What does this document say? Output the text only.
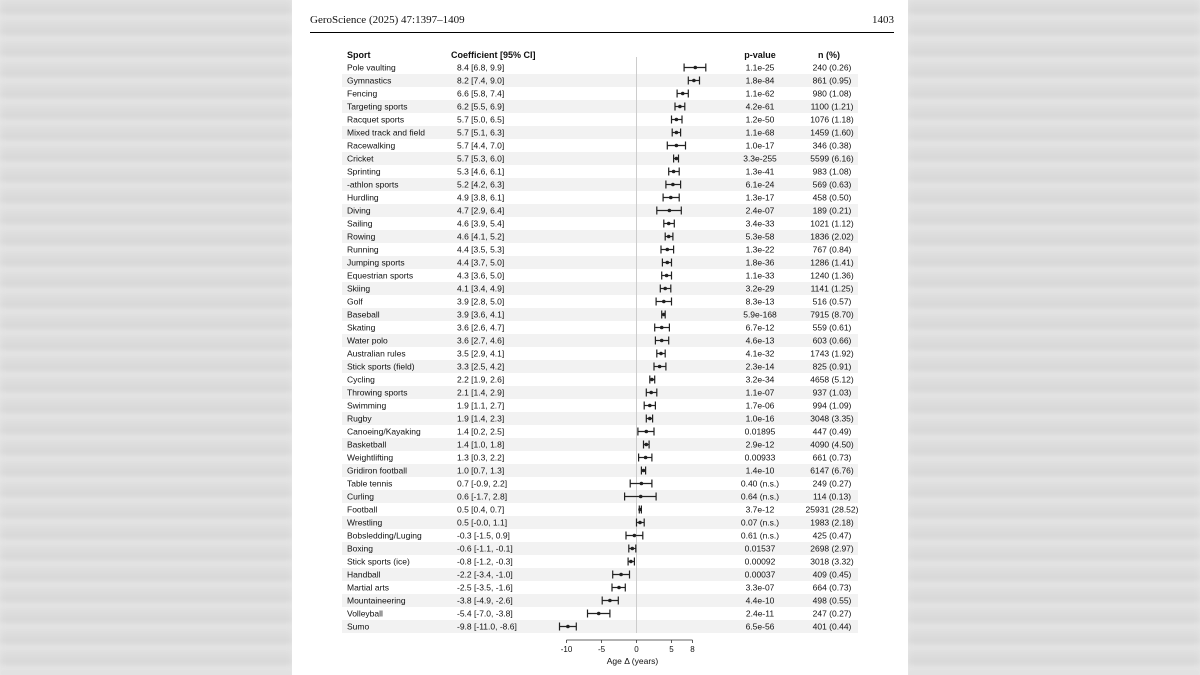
GeroScience (2025) 47:1397–1409	1403
Sport	Coefficient [95% CI]	p-value	n (%)
Pole vaulting	8.4 [6.8, 9.9]	1.1e-25	240 (0.26)
Gymnastics	8.2 [7.4, 9.0]	1.8e-84	861 (0.95)
Fencing	6.6 [5.8, 7.4]	1.1e-62	980 (1.08)
Targeting sports	6.2 [5.5, 6.9]	4.2e-61	1100 (1.21)
Racquet sports	5.7 [5.0, 6.5]	1.2e-50	1076 (1.18)
Mixed track and field	5.7 [5.1, 6.3]	1.1e-68	1459 (1.60)
Racewalking	5.7 [4.4, 7.0]	1.0e-17	346 (0.38)
Cricket	5.7 [5.3, 6.0]	3.3e-255	5599 (6.16)
Sprinting	5.3 [4.6, 6.1]	1.3e-41	983 (1.08)
-athlon sports	5.2 [4.2, 6.3]	6.1e-24	569 (0.63)
Hurdling	4.9 [3.8, 6.1]	1.3e-17	458 (0.50)
Diving	4.7 [2.9, 6.4]	2.4e-07	189 (0.21)
Sailing	4.6 [3.9, 5.4]	3.4e-33	1021 (1.12)
Rowing	4.6 [4.1, 5.2]	5.3e-58	1836 (2.02)
Running	4.4 [3.5, 5.3]	1.3e-22	767 (0.84)
Jumping sports	4.4 [3.7, 5.0]	1.8e-36	1286 (1.41)
Equestrian sports	4.3 [3.6, 5.0]	1.1e-33	1240 (1.36)
Skiing	4.1 [3.4, 4.9]	3.2e-29	1141 (1.25)
Golf	3.9 [2.8, 5.0]	8.3e-13	516 (0.57)
Baseball	3.9 [3.6, 4.1]	5.9e-168	7915 (8.70)
Skating	3.6 [2.6, 4.7]	6.7e-12	559 (0.61)
Water polo	3.6 [2.7, 4.6]	4.6e-13	603 (0.66)
Australian rules	3.5 [2.9, 4.1]	4.1e-32	1743 (1.92)
Stick sports (field)	3.3 [2.5, 4.2]	2.3e-14	825 (0.91)
Cycling	2.2 [1.9, 2.6]	3.2e-34	4658 (5.12)
Throwing sports	2.1 [1.4, 2.9]	1.1e-07	937 (1.03)
Swimming	1.9 [1.1, 2.7]	1.7e-06	994 (1.09)
Rugby	1.9 [1.4, 2.3]	1.0e-16	3048 (3.35)
Canoeing/Kayaking	1.4 [0.2, 2.5]	0.01895	447 (0.49)
Basketball	1.4 [1.0, 1.8]	2.9e-12	4090 (4.50)
Weightlifting	1.3 [0.3, 2.2]	0.00933	661 (0.73)
Gridiron football	1.0 [0.7, 1.3]	1.4e-10	6147 (6.76)
Table tennis	0.7 [-0.9, 2.2]	0.40 (n.s.)	249 (0.27)
Curling	0.6 [-1.7, 2.8]	0.64 (n.s.)	114 (0.13)
Football	0.5 [0.4, 0.7]	3.7e-12	25931 (28.52)
Wrestling	0.5 [-0.0, 1.1]	0.07 (n.s.)	1983 (2.18)
Bobsledding/Luging	-0.3 [-1.5, 0.9]	0.61 (n.s.)	425 (0.47)
Boxing	-0.6 [-1.1, -0.1]	0.01537	2698 (2.97)
Stick sports (ice)	-0.8 [-1.2, -0.3]	0.00092	3018 (3.32)
Handball	-2.2 [-3.4, -1.0]	0.00037	409 (0.45)
Martial arts	-2.5 [-3.5, -1.6]	3.3e-07	664 (0.73)
Mountaineering	-3.8 [-4.9, -2.6]	4.4e-10	498 (0.55)
Volleyball	-5.4 [-7.0, -3.8]	2.4e-11	247 (0.27)
Sumo	-9.8 [-11.0, -8.6]	6.5e-56	401 (0.44)
-10	-5	0	5 8
Age Δ (years)
